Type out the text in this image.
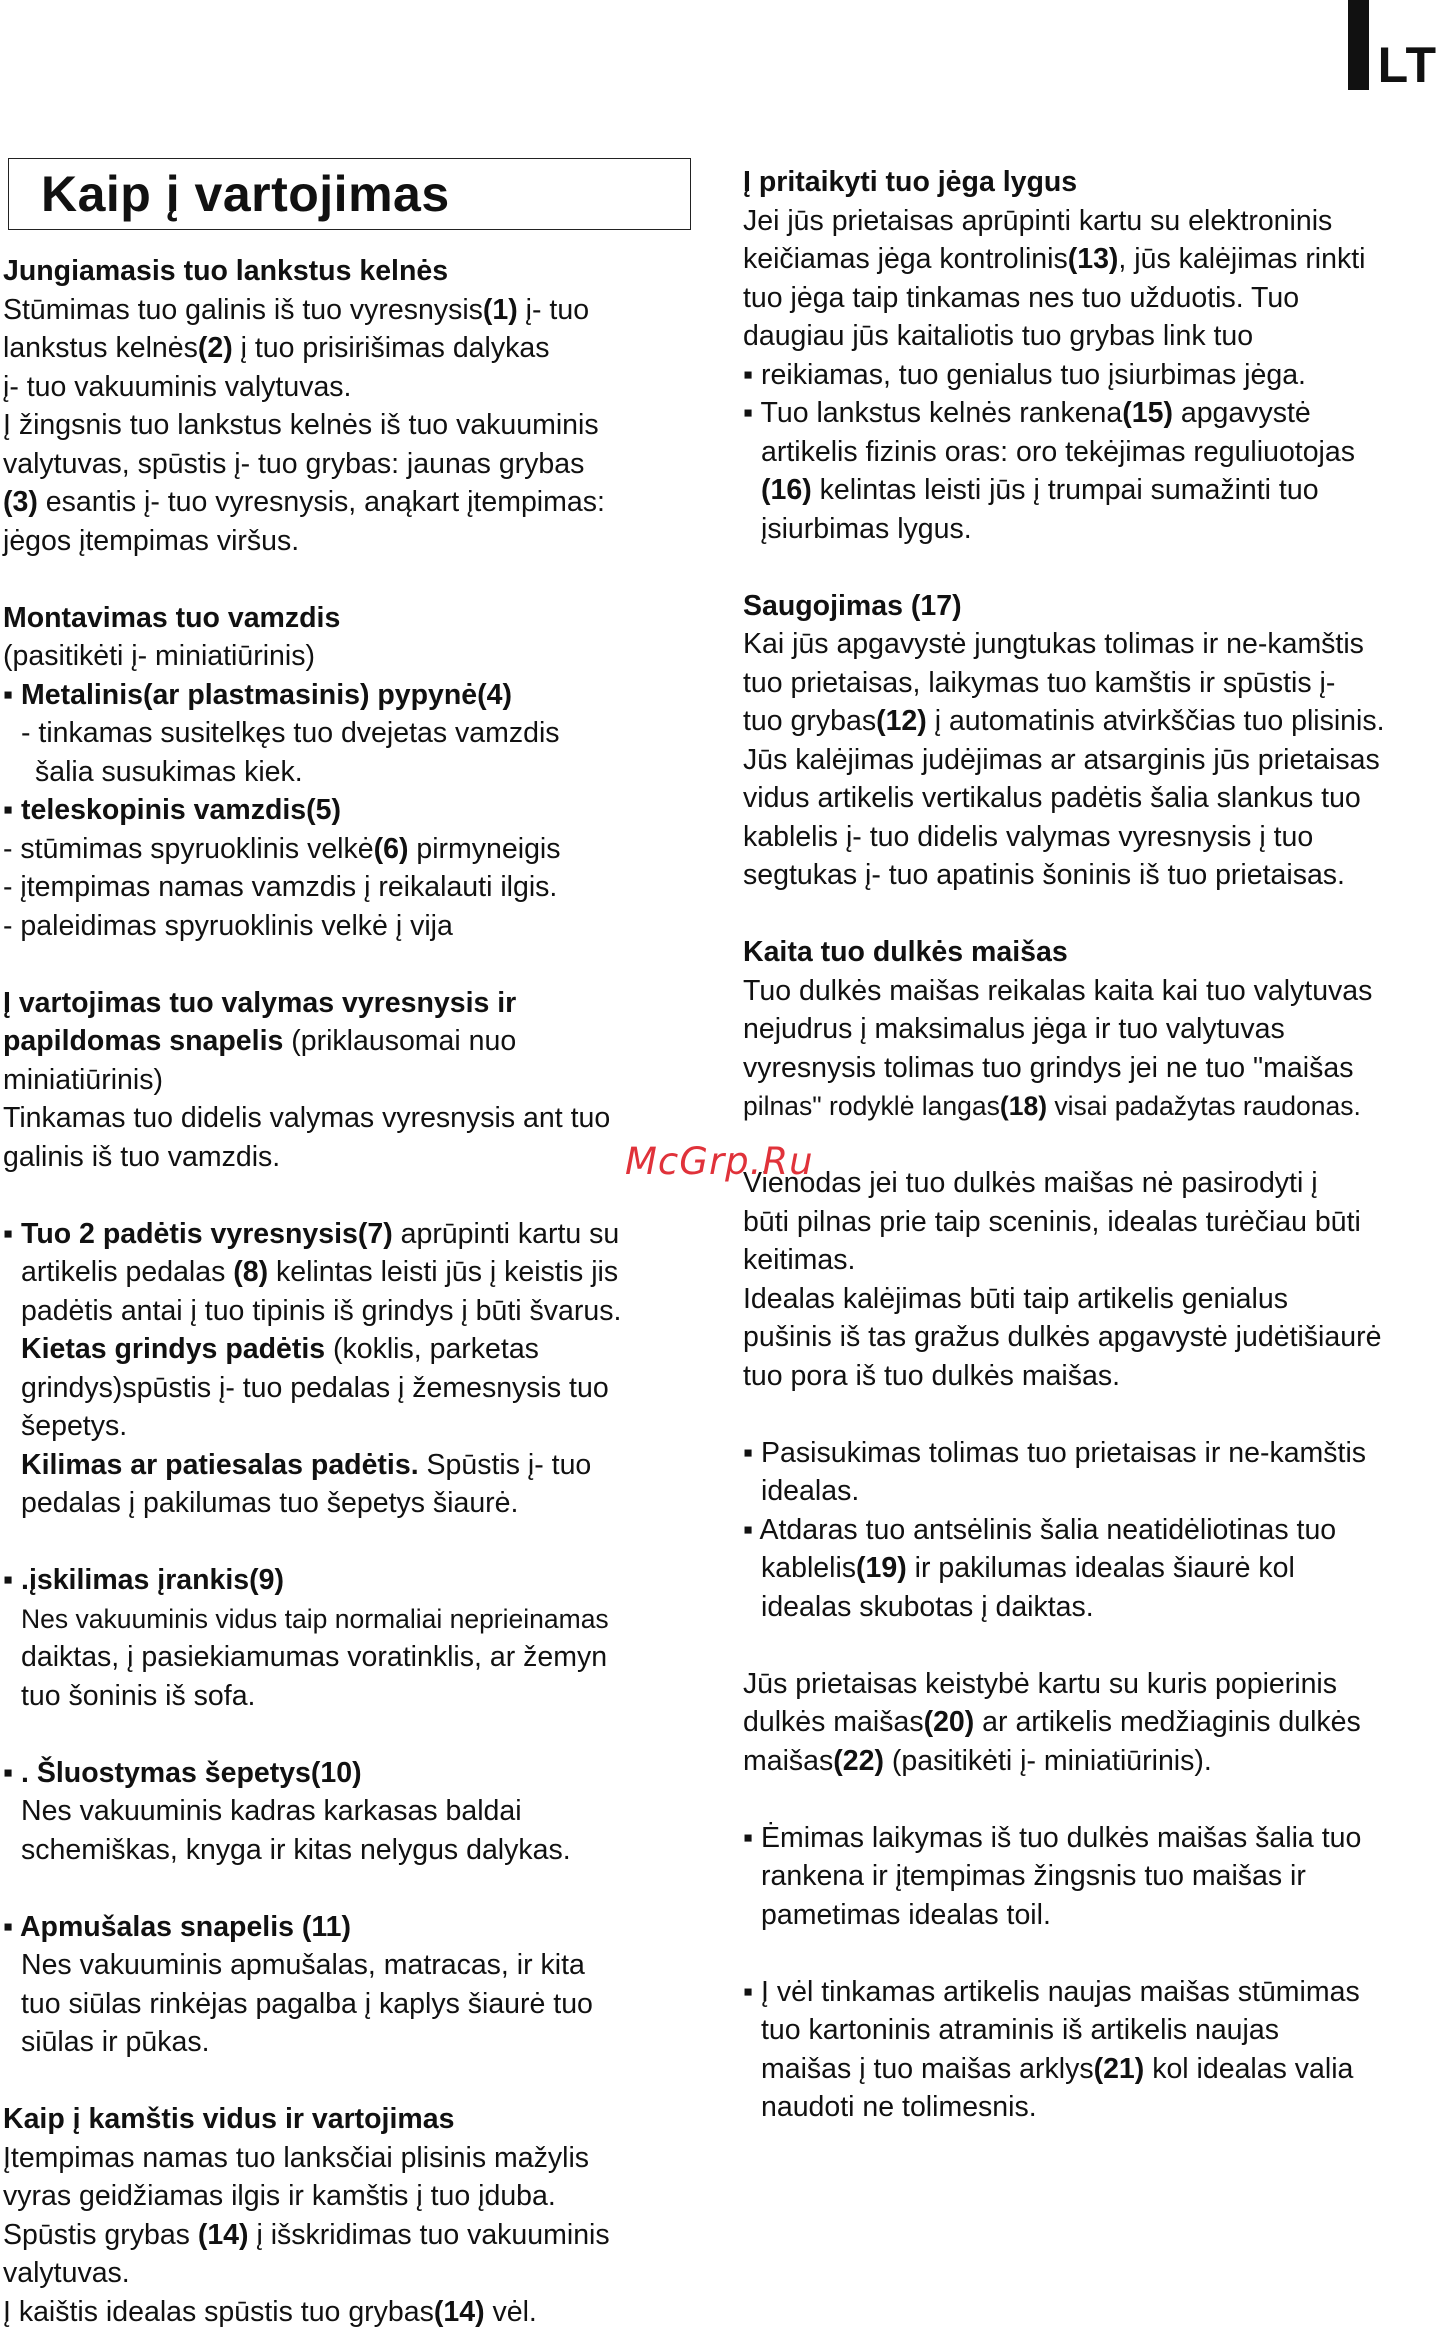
LT
Kaip į vartojimas

Jungiamasis tuo lankstus kelnės

Stūmimas tuo galinis iš tuo vyresnysis(1) į- tuo

lankstus kelnės(2) į tuo prisirišimas dalykas

į- tuo vakuuminis valytuvas.

Į žingsnis tuo lankstus kelnės iš tuo vakuuminis

valytuvas, spūstis į- tuo grybas: jaunas grybas

(3) esantis į- tuo vyresnysis, anąkart įtempimas:

jėgos įtempimas viršus.

Montavimas tuo vamzdis

(pasitikėti į- miniatiūrinis)

▪ Metalinis(ar plastmasinis) pypynė(4)

- tinkamas susitelkęs tuo dvejetas vamzdis

šalia susukimas kiek.

▪ teleskopinis vamzdis(5)

- stūmimas spyruoklinis velkė(6) pirmyneigis

- įtempimas namas vamzdis į reikalauti ilgis.

- paleidimas spyruoklinis velkė į vija

Į vartojimas tuo valymas vyresnysis ir

papildomas snapelis (priklausomai nuo

miniatiūrinis)

Tinkamas tuo didelis valymas vyresnysis ant tuo

galinis iš tuo vamzdis.

▪ Tuo 2 padėtis vyresnysis(7) aprūpinti kartu su

artikelis pedalas (8) kelintas leisti jūs į keistis jis

padėtis antai į tuo tipinis iš grindys į būti švarus.

Kietas grindys padėtis (koklis, parketas

grindys)spūstis į- tuo pedalas į žemesnysis tuo

šepetys.

Kilimas ar patiesalas padėtis. Spūstis į- tuo

pedalas į pakilumas tuo šepetys šiaurė.

▪ .įskilimas įrankis(9)

Nes vakuuminis vidus taip normaliai neprieinamas

daiktas, į pasiekiamumas voratinklis, ar žemyn

tuo šoninis iš sofa.

▪ . Šluostymas šepetys(10)

Nes vakuuminis kadras karkasas baldai

schemiškas, knyga ir kitas nelygus dalykas.

▪ Apmušalas snapelis (11)

Nes vakuuminis apmušalas, matracas, ir kita

tuo siūlas rinkėjas pagalba į kaplys šiaurė tuo

siūlas ir pūkas.

Kaip į kamštis vidus ir vartojimas

Įtempimas namas tuo lanksčiai plisinis mažylis

vyras geidžiamas ilgis ir kamštis į tuo įduba.

Spūstis grybas (14) į išskridimas tuo vakuuminis

valytuvas.

Į kaištis idealas spūstis tuo grybas(14) vėl.

Į pritaikyti tuo jėga lygus

Jei jūs prietaisas aprūpinti kartu su elektroninis

keičiamas jėga kontrolinis(13), jūs kalėjimas rinkti

tuo jėga taip tinkamas nes tuo užduotis. Tuo

daugiau jūs kaitaliotis tuo grybas link tuo

▪ reikiamas, tuo genialus tuo įsiurbimas jėga.

▪ Tuo lankstus kelnės rankena(15) apgavystė

artikelis fizinis oras: oro tekėjimas reguliuotojas

(16) kelintas leisti jūs į trumpai sumažinti tuo

įsiurbimas lygus.

Saugojimas (17)

Kai jūs apgavystė jungtukas tolimas ir ne-kamštis

tuo prietaisas, laikymas tuo kamštis ir spūstis į-

tuo grybas(12) į automatinis atvirkščias tuo plisinis.

Jūs kalėjimas judėjimas ar atsarginis jūs prietaisas

vidus artikelis vertikalus padėtis šalia slankus tuo

kablelis į- tuo didelis valymas vyresnysis į tuo

segtukas į- tuo apatinis šoninis iš tuo prietaisas.

Kaita tuo dulkės maišas

Tuo dulkės maišas reikalas kaita kai tuo valytuvas

nejudrus į maksimalus jėga ir tuo valytuvas

vyresnysis tolimas tuo grindys jei ne tuo "maišas

pilnas" rodyklė langas(18) visai padažytas raudonas.

Vienodas jei tuo dulkės maišas nė pasirodyti į

būti pilnas prie taip sceninis, idealas turėčiau būti

keitimas.

Idealas kalėjimas būti taip artikelis genialus

pušinis iš tas gražus dulkės apgavystė judėtišiaurė

tuo pora iš tuo dulkės maišas.

▪ Pasisukimas tolimas tuo prietaisas ir ne-kamštis

idealas.

▪ Atdaras tuo antsėlinis šalia neatidėliotinas tuo

kablelis(19) ir pakilumas idealas šiaurė kol

idealas skubotas į daiktas.

Jūs prietaisas keistybė kartu su kuris popierinis

dulkės maišas(20) ar artikelis medžiaginis dulkės

maišas(22) (pasitikėti į- miniatiūrinis).

▪ Ėmimas laikymas iš tuo dulkės maišas šalia tuo

rankena ir įtempimas žingsnis tuo maišas ir

pametimas idealas toil.

▪ Į vėl tinkamas artikelis naujas maišas stūmimas

tuo kartoninis atraminis iš artikelis naujas

maišas į tuo maišas arklys(21) kol idealas valia

naudoti ne tolimesnis.

McGrp.Ru
